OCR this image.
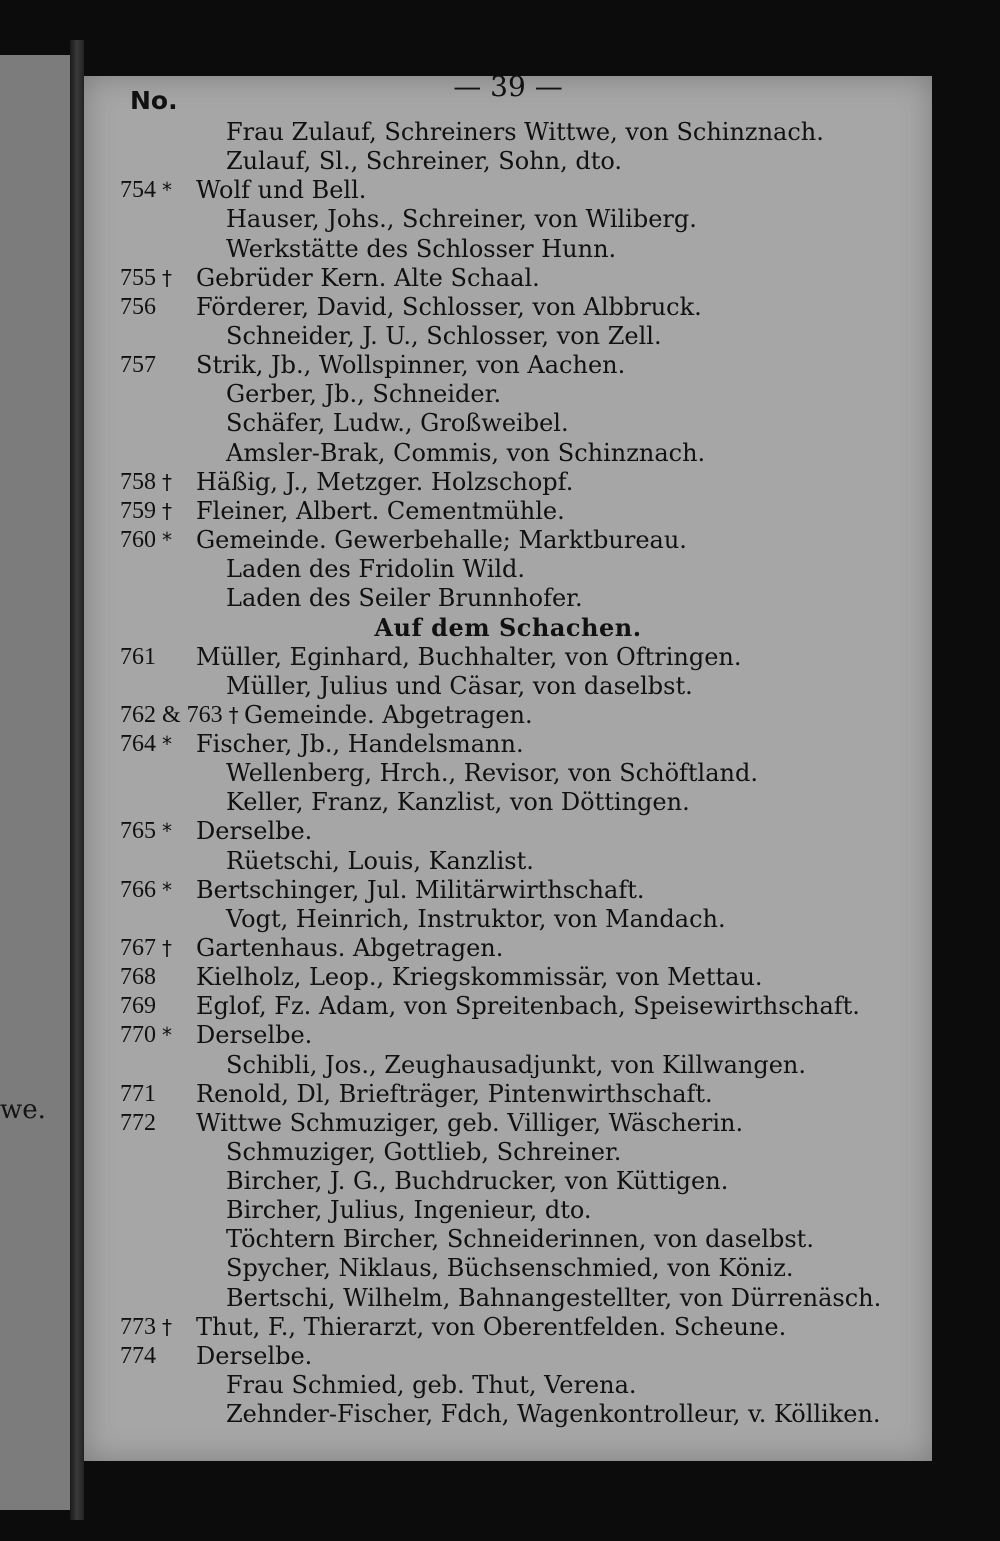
we.
— 39 —
No.
Frau Zulauf, Schreiners Wittwe, von Schinznach.
Zulauf, Sl., Schreiner, Sohn, dto.
754 *	Wolf und Bell.
Hauser, Johs., Schreiner, von Wiliberg.
Werkstätte des Schlosser Hunn.
755 †	Gebrüder Kern. Alte Schaal.
756	Förderer, David, Schlosser, von Albbruck.
Schneider, J. U., Schlosser, von Zell.
757	Strik, Jb., Wollspinner, von Aachen.
Gerber, Jb., Schneider.
Schäfer, Ludw., Großweibel.
Amsler-Brak, Commis, von Schinznach.
758 †	Häßig, J., Metzger. Holzschopf.
759 †	Fleiner, Albert. Cementmühle.
760 *	Gemeinde. Gewerbehalle; Marktbureau.
Laden des Fridolin Wild.
Laden des Seiler Brunnhofer.
Auf dem Schachen.
761	Müller, Eginhard, Buchhalter, von Oftringen.
Müller, Julius und Cäsar, von daselbst.
762 & 763 † Gemeinde. Abgetragen.
764 *	Fischer, Jb., Handelsmann.
Wellenberg, Hrch., Revisor, von Schöftland.
Keller, Franz, Kanzlist, von Döttingen.
765 *	Derselbe.
Rüetschi, Louis, Kanzlist.
766 *	Bertschinger, Jul. Militärwirthschaft.
Vogt, Heinrich, Instruktor, von Mandach.
767 †	Gartenhaus. Abgetragen.
768	Kielholz, Leop., Kriegskommissär, von Mettau.
769	Eglof, Fz. Adam, von Spreitenbach, Speisewirthschaft.
770 *	Derselbe.
Schibli, Jos., Zeughausadjunkt, von Killwangen.
771	Renold, Dl, Briefträger, Pintenwirthschaft.
772	Wittwe Schmuziger, geb. Villiger, Wäscherin.
Schmuziger, Gottlieb, Schreiner.
Bircher, J. G., Buchdrucker, von Küttigen.
Bircher, Julius, Ingenieur, dto.
Töchtern Bircher, Schneiderinnen, von daselbst.
Spycher, Niklaus, Büchsenschmied, von Köniz.
Bertschi, Wilhelm, Bahnangestellter, von Dürrenäsch.
773 †	Thut, F., Thierarzt, von Oberentfelden. Scheune.
774	Derselbe.
Frau Schmied, geb. Thut, Verena.
Zehnder-Fischer, Fdch, Wagenkontrolleur, v. Kölliken.
